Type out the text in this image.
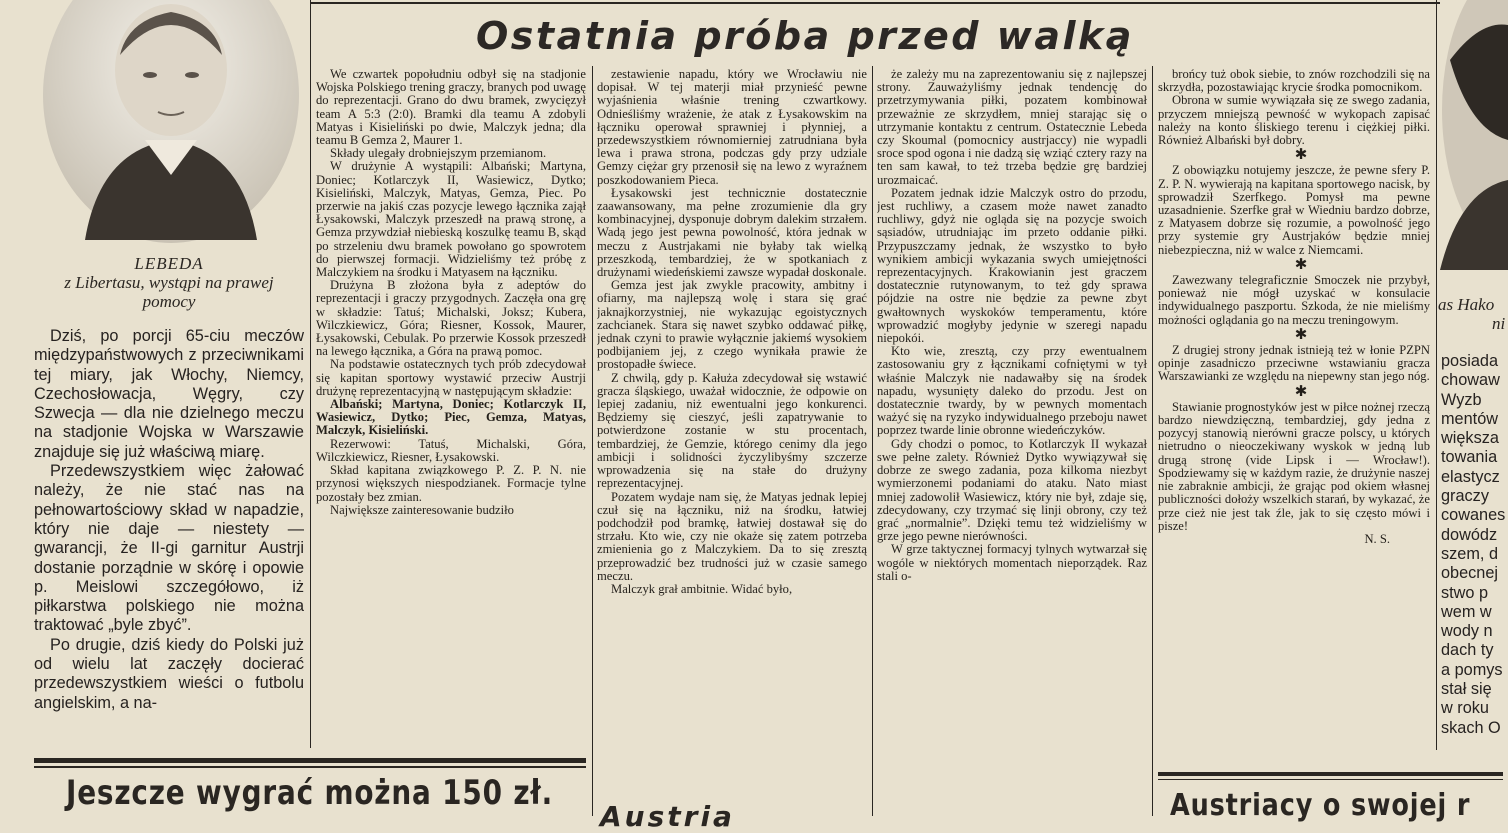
LEBEDA
z Libertasu, wystąpi na prawej
pomocy

Dziś, po porcji 65-ciu meczów międzypaństwowych z przeciwnikami tej miary, jak Włochy, Niemcy, Czechosłowacja, Węgry, czy Szwecja — dla nie dzielnego meczu na stadjonie Wojska w Warszawie znajduje się już właściwą miarę.

Przedewszystkiem więc żałować należy, że nie stać nas na pełnowartościowy skład w napadzie, który nie daje — niestety — gwarancji, że II-gi garnitur Austrji dostanie porządnie w skórę i opowie p. Meislowi szczegółowo, iż piłkarstwa polskiego nie można traktować „byle zbyć”.

Po drugie, dziś kiedy do Polski już od wielu lat zaczęły docierać przedewszystkiem wieści o futbolu angielskim, a na-

Ostatnia próba przed walką

We czwartek popołudniu odbył się na stadjonie Wojska Polskiego trening graczy, branych pod uwagę do reprezentacji. Grano do dwu bramek, zwycięzył team A 5:3 (2:0). Bramki dla teamu A zdobyli Matyas i Kisieliński po dwie, Malczyk jedna; dla teamu B Gemza 2, Maurer 1.

Składy ulegały drobniejszym przemianom.

W drużynie A wystąpili: Albański; Martyna, Doniec; Kotlarczyk II, Wasiewicz, Dytko; Kisieliński, Malczyk, Matyas, Gemza, Piec. Po przerwie na jakiś czas pozycje lewego łącznika zajął Łysakowski, Malczyk przeszedł na prawą stronę, a Gemza przywdział niebieską koszulkę teamu B, skąd po strzeleniu dwu bramek powołano go spowrotem do pierwszej formacji. Widzieliśmy też próbę z Malczykiem na środku i Matyasem na łączniku.

Drużyna B złożona była z adeptów do reprezentacji i graczy przygodnych. Zaczęła ona grę w składzie: Tatuś; Michalski, Joksz; Kubera, Wilczkiewicz, Góra; Riesner, Kossok, Maurer, Łysakowski, Cebulak. Po przerwie Kossok przeszedł na lewego łącznika, a Góra na prawą pomoc.

Na podstawie ostatecznych tych prób zdecydował się kapitan sportowy wystawić przeciw Austrji drużynę reprezentacyjną w następującym składzie:

Albański; Martyna, Doniec; Kotlarczyk II, Wasiewicz, Dytko; Piec, Gemza, Matyas, Malczyk, Kisieliński.

Rezerwowi: Tatuś, Michalski, Góra, Wilczkiewicz, Riesner, Łysakowski.

Skład kapitana związkowego P. Z. P. N. nie przynosi większych niespodzianek. Formacje tylne pozostały bez zmian.

Największe zainteresowanie budziło

zestawienie napadu, który we Wrocławiu nie dopisał. W tej materji miał przynieść pewne wyjaśnienia właśnie trening czwartkowy. Odnieśliśmy wrażenie, że atak z Łysakowskim na łączniku operował sprawniej i płynniej, a przedewszystkiem równomierniej zatrudniana była lewa i prawa strona, podczas gdy przy udziale Gemzy ciężar gry przenosił się na lewo z wyraźnem poszkodowaniem Pieca.

Łysakowski jest technicznie dostatecznie zaawansowany, ma pełne zrozumienie dla gry kombinacyjnej, dysponuje dobrym dalekim strzałem. Wadą jego jest pewna powolność, która jednak w meczu z Austrjakami nie byłaby tak wielką przeszkodą, tembardziej, że w spotkaniach z drużynami wiedeńskiemi zawsze wypadał doskonale.

Gemza jest jak zwykle pracowity, ambitny i ofiarny, ma najlepszą wolę i stara się grać jaknajkorzystniej, nie wykazując egoistycznych zachcianek. Stara się nawet szybko oddawać piłkę, jednak czyni to prawie wyłącznie jakiemś wysokiem podbijaniem jej, z czego wynikała prawie że prostopadłe świece.

Z chwilą, gdy p. Kałuża zdecydował się wstawić gracza śląskiego, uważał widocznie, że odpowie on lepiej zadaniu, niż ewentualni jego konkurenci. Będziemy się cieszyć, jeśli zapatrywanie to potwierdzone zostanie w stu procentach, tembardziej, że Gemzie, którego cenimy dla jego ambicji i solidności życzylibyśmy szczerze wprowadzenia się na stałe do drużyny reprezentacyjnej.

Pozatem wydaje nam się, że Matyas jednak lepiej czuł się na łączniku, niż na środku, łatwiej podchodził pod bramkę, łatwiej dostawał się do strzału. Kto wie, czy nie okaże się zatem potrzeba zmienienia go z Malczykiem. Da to się zresztą przeprowadzić bez trudności już w czasie samego meczu.

Malczyk grał ambitnie. Widać było,

że zależy mu na zaprezentowaniu się z najlepszej strony. Zauważyliśmy jednak tendencję do przetrzymywania piłki, pozatem kombinował przeważnie ze skrzydłem, mniej starając się o utrzymanie kontaktu z centrum. Ostatecznie Lebeda czy Skoumal (pomocnicy austrjaccy) nie wypadli sroce spod ogona i nie dadzą się wziąć cztery razy na ten sam kawał, to też trzeba będzie grę bardziej urozmaicać.

Pozatem jednak idzie Malczyk ostro do przodu, jest ruchliwy, a czasem może nawet zanadto ruchliwy, gdyż nie ogląda się na pozycje swoich sąsiadów, utrudniając im przeto oddanie piłki. Przypuszczamy jednak, że wszystko to było wynikiem ambicji wykazania swych umiejętności reprezentacyjnych. Krakowianin jest graczem dostatecznie rutynowanym, to też gdy sprawa pójdzie na ostre nie będzie za pewne zbyt gwałtownych wyskoków temperamentu, które wprowadzić mogłyby jedynie w szeregi napadu niepokói.

Kto wie, zresztą, czy przy ewentualnem zastosowaniu gry z łącznikami cofniętymi w tył właśnie Malczyk nie nadawałby się na środek napadu, wysunięty daleko do przodu. Jest on dostatecznie twardy, by w pewnych momentach ważyć się na ryzyko indywidualnego przeboju nawet poprzez twarde linie obronne wiedeńczyków.

Gdy chodzi o pomoc, to Kotlarczyk II wykazał swe pełne zalety. Również Dytko wywiązywał się dobrze ze swego zadania, poza kilkoma niezbyt wymierzonemi podaniami do ataku. Nato miast mniej zadowolił Wasiewicz, który nie był, zdaje się, zdecydowany, czy trzymać się linji obrony, czy też grać „normalnie”. Dzięki temu też widzieliśmy w grze jego pewne nierówności.

W grze taktycznej formacyj tylnych wytwarzał się wogóle w niektórych momentach nieporządek. Raz stali o-

brońcy tuż obok siebie, to znów rozchodzili się na skrzydła, pozostawiając krycie środka pomocnikom.

Obrona w sumie wywiązała się ze swego zadania, przyczem mniejszą pewność w wykopach zapisać należy na konto śliskiego terenu i ciężkiej piłki. Również Albański był dobry.

✱

Z obowiązku notujemy jeszcze, że pewne sfery P. Z. P. N. wywierają na kapitana sportowego nacisk, by sprowadził Szerfkego. Pomysł ma pewne uzasadnienie. Szerfke grał w Wiedniu bardzo dobrze, z Matyasem dobrze się rozumie, a powolność jego przy systemie gry Austrjaków będzie mniej niebezpieczna, niż w walce z Niemcami.

✱

Zawezwany telegraficznie Smoczek nie przybył, ponieważ nie mógł uzyskać w konsulacie indywidualnego paszportu. Szkoda, że nie mieliśmy możności oglądania go na meczu treningowym.

✱

Z drugiej strony jednak istnieją też w łonie PZPN opinje zasadniczo przeciwne wstawianiu gracza Warszawianki ze względu na niepewny stan jego nóg.

✱

Stawianie prognostyków jest w piłce nożnej rzeczą bardzo niewdzięczną, tembardziej, gdy jedna z pozycyj stanowią nierówni gracze polscy, u których nietrudno o nieoczekiwany wyskok w jedną lub drugą stronę (vide Lipsk i — Wrocław!). Spodziewamy się w każdym razie, że drużynie naszej nie zabraknie ambicji, że grając pod okiem własnej publiczności dołoży wszelkich starań, by wykazać, że prze cież nie jest tak źle, jak to się często mówi i pisze!

N. S.

Jeszcze wygrać można 150 zł.
Austria	Austriacy o swojej r
as Hako
ni
posiada
chowaw
Wyzb
mentów
większa
towania
elastycz
graczy
cowanes
dowódz
szem, d
obecnej
stwo p
wem w
wody n
dach ty
a pomys
stał się
w roku
skach O
